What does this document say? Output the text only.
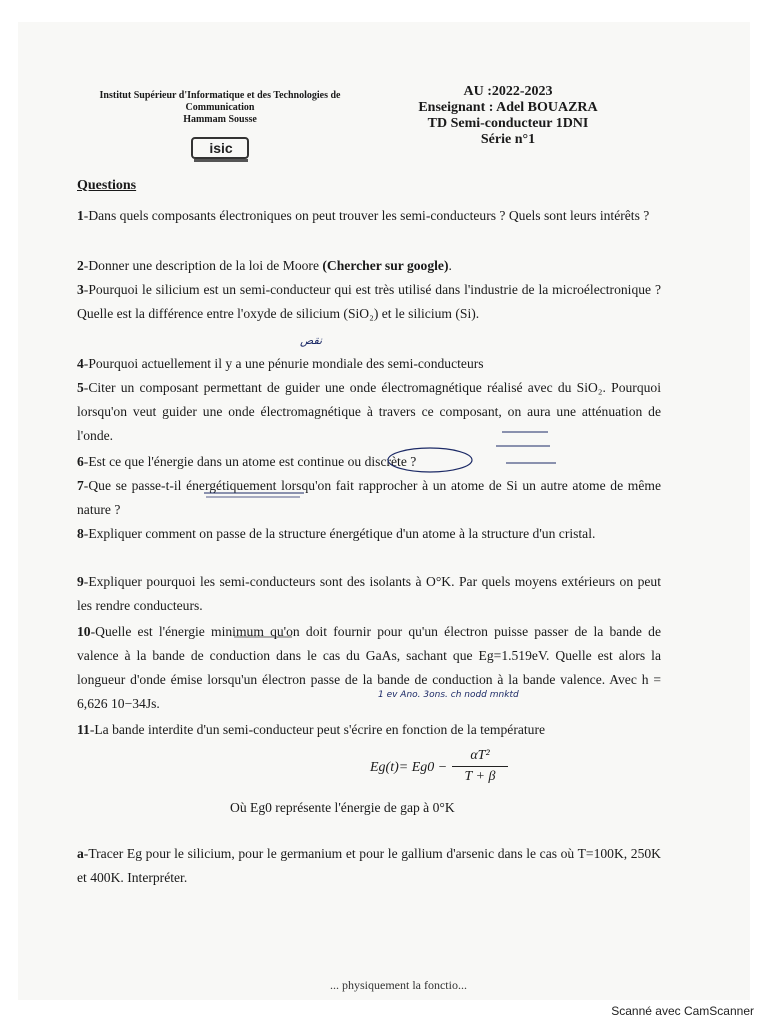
Institut Supérieur d'Informatique et des Technologies de
Communication
Hammam Sousse
isic
AU :2022-2023
Enseignant : Adel BOUAZRA
TD Semi-conducteur 1DNI
Série n°1
Questions
1-Dans quels composants électroniques on peut trouver les semi-conducteurs ? Quels sont leurs intérêts ?
2-Donner une description de la loi de Moore (Chercher sur google).
3-Pourquoi le silicium est un semi-conducteur qui est très utilisé dans l'industrie de la microélectronique ? Quelle est la différence entre l'oxyde de silicium (SiO₂) et le silicium (Si).
4-Pourquoi actuellement il y a une pénurie mondiale des semi-conducteurs
5-Citer un composant permettant de guider une onde électromagnétique réalisé avec du SiO₂. Pourquoi lorsqu'on veut guider une onde électromagnétique à travers ce composant, on aura une atténuation de l'onde.
6-Est ce que l'énergie dans un atome est continue ou discrète ?
7-Que se passe-t-il énergétiquement lorsqu'on fait rapprocher à un atome de Si un autre atome de même nature ?
8-Expliquer comment on passe de la structure énergétique d'un atome à la structure d'un cristal.
9-Expliquer pourquoi les semi-conducteurs sont des isolants à O°K. Par quels moyens extérieurs on peut les rendre conducteurs.
10-Quelle est l'énergie minimum qu'on doit fournir pour qu'un électron puisse passer de la bande de valence à la bande de conduction dans le cas du GaAs, sachant que Eg=1.519eV. Quelle est alors la longueur d'onde émise lorsqu'un électron passe de la bande de conduction à la bande valence. Avec h = 6,626 10−34Js.
11-La bande interdite d'un semi-conducteur peut s'écrire en fonction de la température
Eg(t)= Eg0 −
αT²
T + β
Où Eg0 représente l'énergie de gap à 0°K
a-Tracer Eg pour le silicium, pour le germanium et pour le gallium d'arsenic dans le cas où T=100K, 250K et 400K. Interpréter.
نقص
1 ev Ano. 3ons. ch nodd mnktd
... physiquement la fonctio...
Scanné avec CamScanner
